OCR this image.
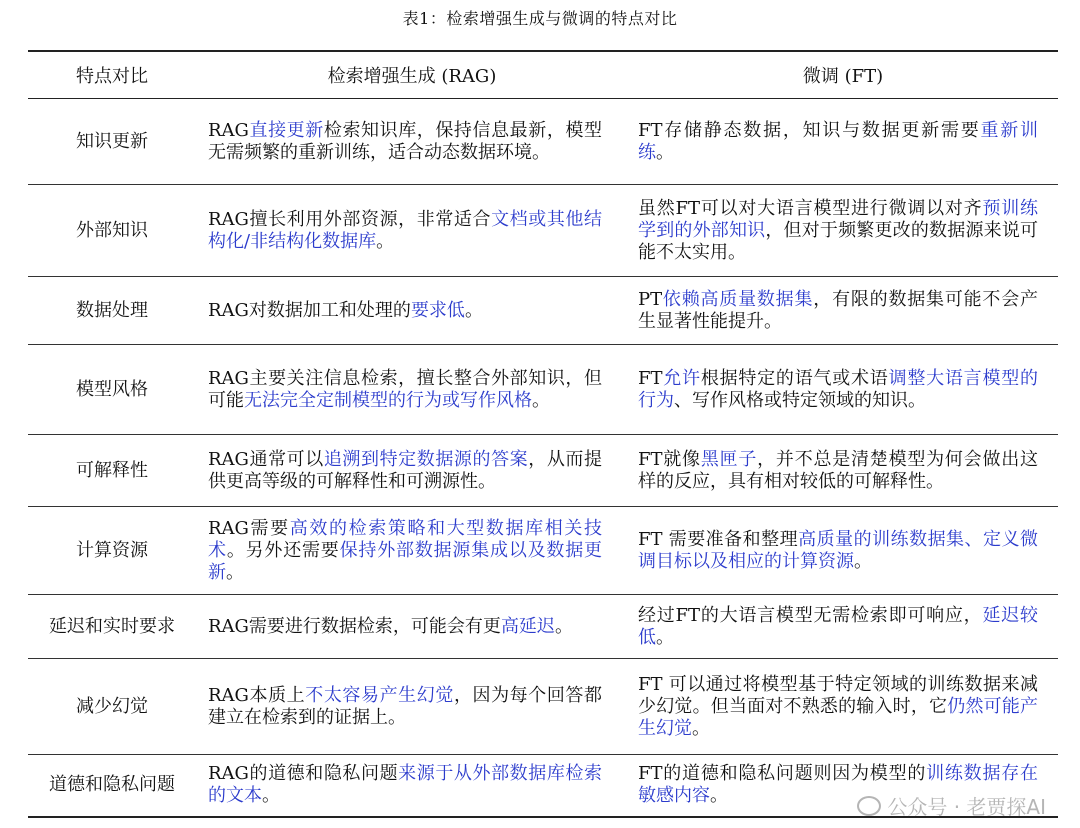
表1：检索增强生成与微调的特点对比
特点对比	检索增强生成 (RAG)	微调 (FT)
知识更新	RAG直接更新检索知识库，保持信息最新，模型无需频繁的重新训练，适合动态数据环境。	FT存储静态数据，知识与数据更新需要重新训练。
外部知识	RAG擅长利用外部资源，非常适合文档或其他结构化/非结构化数据库。	虽然FT可以对大语言模型进行微调以对齐预训练学到的外部知识，但对于频繁更改的数据源来说可能不太实用。
数据处理	RAG对数据加工和处理的要求低。	PT依赖高质量数据集，有限的数据集可能不会产生显著性能提升。
模型风格	RAG主要关注信息检索，擅长整合外部知识，但可能无法完全定制模型的行为或写作风格。	FT允许根据特定的语气或术语调整大语言模型的行为、写作风格或特定领域的知识。
可解释性	RAG通常可以追溯到特定数据源的答案，从而提供更高等级的可解释性和可溯源性。	FT就像黑匣子，并不总是清楚模型为何会做出这样的反应，具有相对较低的可解释性。
计算资源	RAG需要高效的检索策略和大型数据库相关技术。另外还需要保持外部数据源集成以及数据更新。	FT 需要准备和整理高质量的训练数据集、定义微调目标以及相应的计算资源。
延迟和实时要求	RAG需要进行数据检索，可能会有更高延迟。	经过FT的大语言模型无需检索即可响应，延迟较低。
减少幻觉	RAG本质上不太容易产生幻觉，因为每个回答都建立在检索到的证据上。	FT 可以通过将模型基于特定领域的训练数据来减少幻觉。但当面对不熟悉的输入时，它仍然可能产生幻觉。
道德和隐私问题	RAG的道德和隐私问题来源于从外部数据库检索的文本。	FT的道德和隐私问题则因为模型的训练数据存在敏感内容。	公众号 · 老贾探AI
